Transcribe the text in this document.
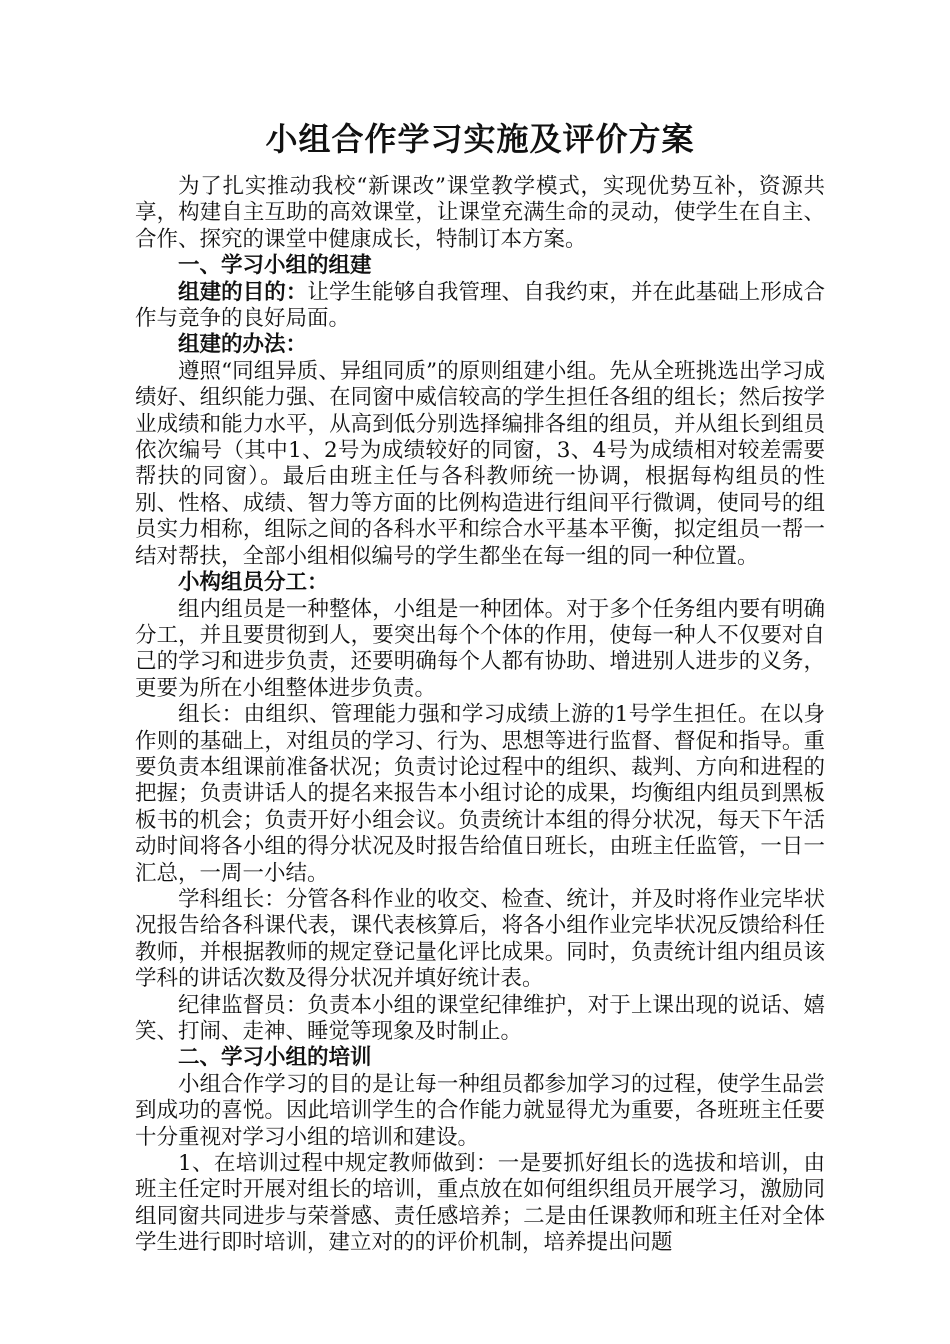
小组合作学习实施及评价方案

为了扎实推动我校“新课改”课堂教学模式，实现优势互补，资源共享，构建自主互助的高效课堂，让课堂充满生命的灵动，使学生在自主、合作、探究的课堂中健康成长，特制订本方案。

一、学习小组的组建

组建的目的：让学生能够自我管理、自我约束，并在此基础上形成合作与竞争的良好局面。

组建的办法：

遵照“同组异质、异组同质”的原则组建小组。先从全班挑选出学习成绩好、组织能力强、在同窗中威信较高的学生担任各组的组长；然后按学业成绩和能力水平，从高到低分别选择编排各组的组员，并从组长到组员依次编号（其中1、2号为成绩较好的同窗，3、4号为成绩相对较差需要帮扶的同窗）。最后由班主任与各科教师统一协调，根据每构组员的性别、性格、成绩、智力等方面的比例构造进行组间平行微调，使同号的组员实力相称，组际之间的各科水平和综合水平基本平衡，拟定组员一帮一结对帮扶，全部小组相似编号的学生都坐在每一组的同一种位置。

小构组员分工：

组内组员是一种整体，小组是一种团体。对于多个任务组内要有明确分工，并且要贯彻到人，要突出每个个体的作用，使每一种人不仅要对自己的学习和进步负责，还要明确每个人都有协助、增进别人进步的义务，更要为所在小组整体进步负责。

组长：由组织、管理能力强和学习成绩上游的1号学生担任。在以身作则的基础上，对组员的学习、行为、思想等进行监督、督促和指导。重要负责本组课前准备状况；负责讨论过程中的组织、裁判、方向和进程的把握；负责讲话人的提名来报告本小组讨论的成果，均衡组内组员到黑板板书的机会；负责开好小组会议。负责统计本组的得分状况，每天下午活动时间将各小组的得分状况及时报告给值日班长，由班主任监管，一日一汇总，一周一小结。

学科组长：分管各科作业的收交、检查、统计，并及时将作业完毕状况报告给各科课代表，课代表核算后，将各小组作业完毕状况反馈给科任教师，并根据教师的规定登记量化评比成果。同时，负责统计组内组员该学科的讲话次数及得分状况并填好统计表。

纪律监督员：负责本小组的课堂纪律维护，对于上课出现的说话、嬉笑、打闹、走神、睡觉等现象及时制止。

二、学习小组的培训

小组合作学习的目的是让每一种组员都参加学习的过程，使学生品尝到成功的喜悦。因此培训学生的合作能力就显得尤为重要，各班班主任要十分重视对学习小组的培训和建设。

1、在培训过程中规定教师做到：一是要抓好组长的选拔和培训，由班主任定时开展对组长的培训，重点放在如何组织组员开展学习，激励同组同窗共同进步与荣誉感、责任感培养；二是由任课教师和班主任对全体学生进行即时培训，建立对的的评价机制，培养提出问题
